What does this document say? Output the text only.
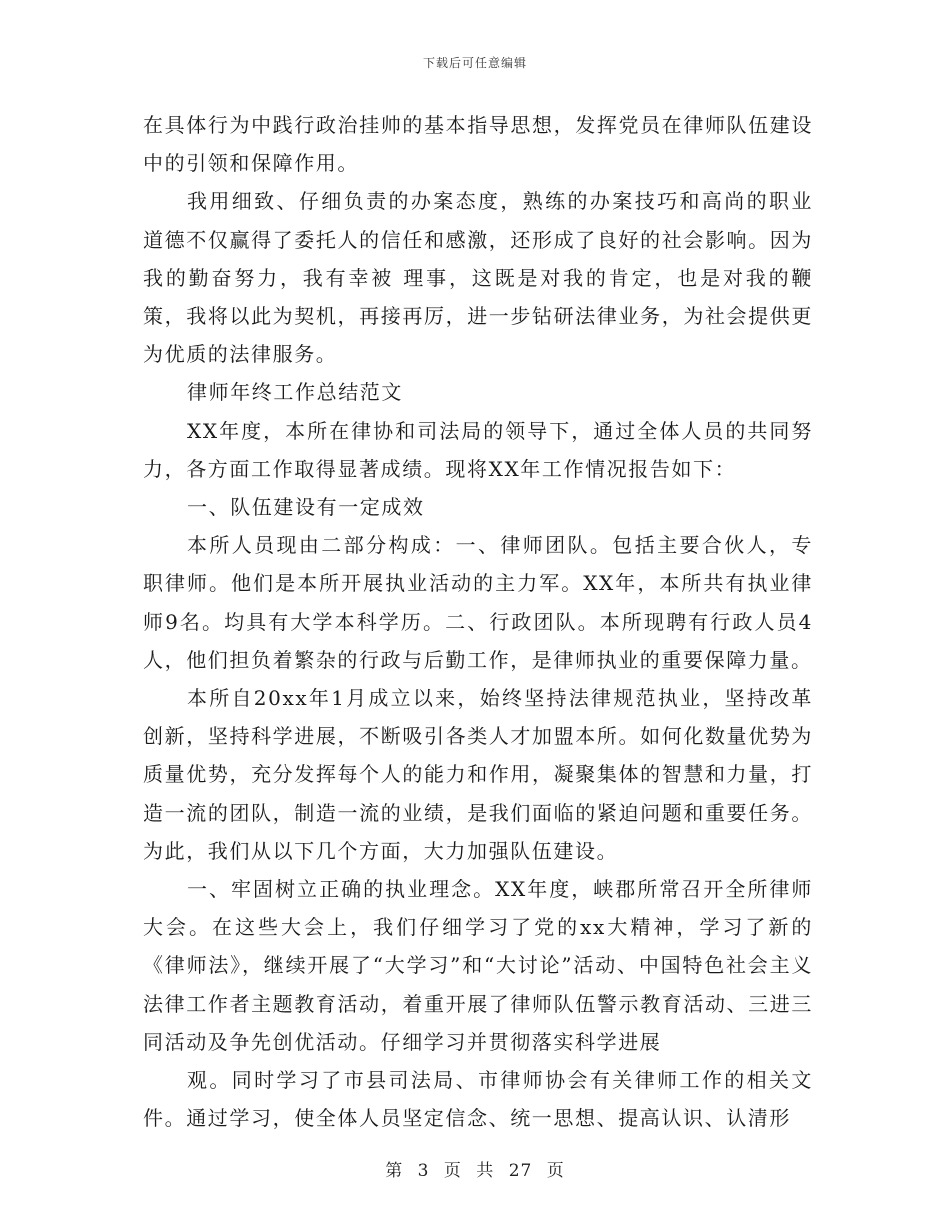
下载后可任意编辑

在具体行为中践行政治挂帅的基本指导思想，发挥党员在律师队伍建设中的引领和保障作用。

我用细致、仔细负责的办案态度，熟练的办案技巧和高尚的职业道德不仅赢得了委托人的信任和感激，还形成了良好的社会影响。因为我的勤奋努力，我有幸被 理事，这既是对我的肯定，也是对我的鞭策，我将以此为契机，再接再厉，进一步钻研法律业务，为社会提供更为优质的法律服务。

律师年终工作总结范文

XX年度，本所在律协和司法局的领导下，通过全体人员的共同努力，各方面工作取得显著成绩。现将XX年工作情况报告如下：

一、队伍建设有一定成效

本所人员现由二部分构成：一、律师团队。包括主要合伙人，专职律师。他们是本所开展执业活动的主力军。XX年，本所共有执业律师9名。均具有大学本科学历。二、行政团队。本所现聘有行政人员4人，他们担负着繁杂的行政与后勤工作，是律师执业的重要保障力量。

本所自20xx年1月成立以来，始终坚持法律规范执业，坚持改革创新，坚持科学进展，不断吸引各类人才加盟本所。如何化数量优势为质量优势，充分发挥每个人的能力和作用，凝聚集体的智慧和力量，打造一流的团队，制造一流的业绩，是我们面临的紧迫问题和重要任务。为此，我们从以下几个方面，大力加强队伍建设。

一、牢固树立正确的执业理念。XX年度，峡郡所常召开全所律师大会。在这些大会上，我们仔细学习了党的xx大精神，学习了新的《律师法》，继续开展了“大学习”和“大讨论”活动、中国特色社会主义法律工作者主题教育活动，着重开展了律师队伍警示教育活动、三进三同活动及争先创优活动。仔细学习并贯彻落实科学进展

观。同时学习了市县司法局、市律师协会有关律师工作的相关文件。通过学习，使全体人员坚定信念、统一思想、提高认识、认清形

第 3 页 共 27 页
